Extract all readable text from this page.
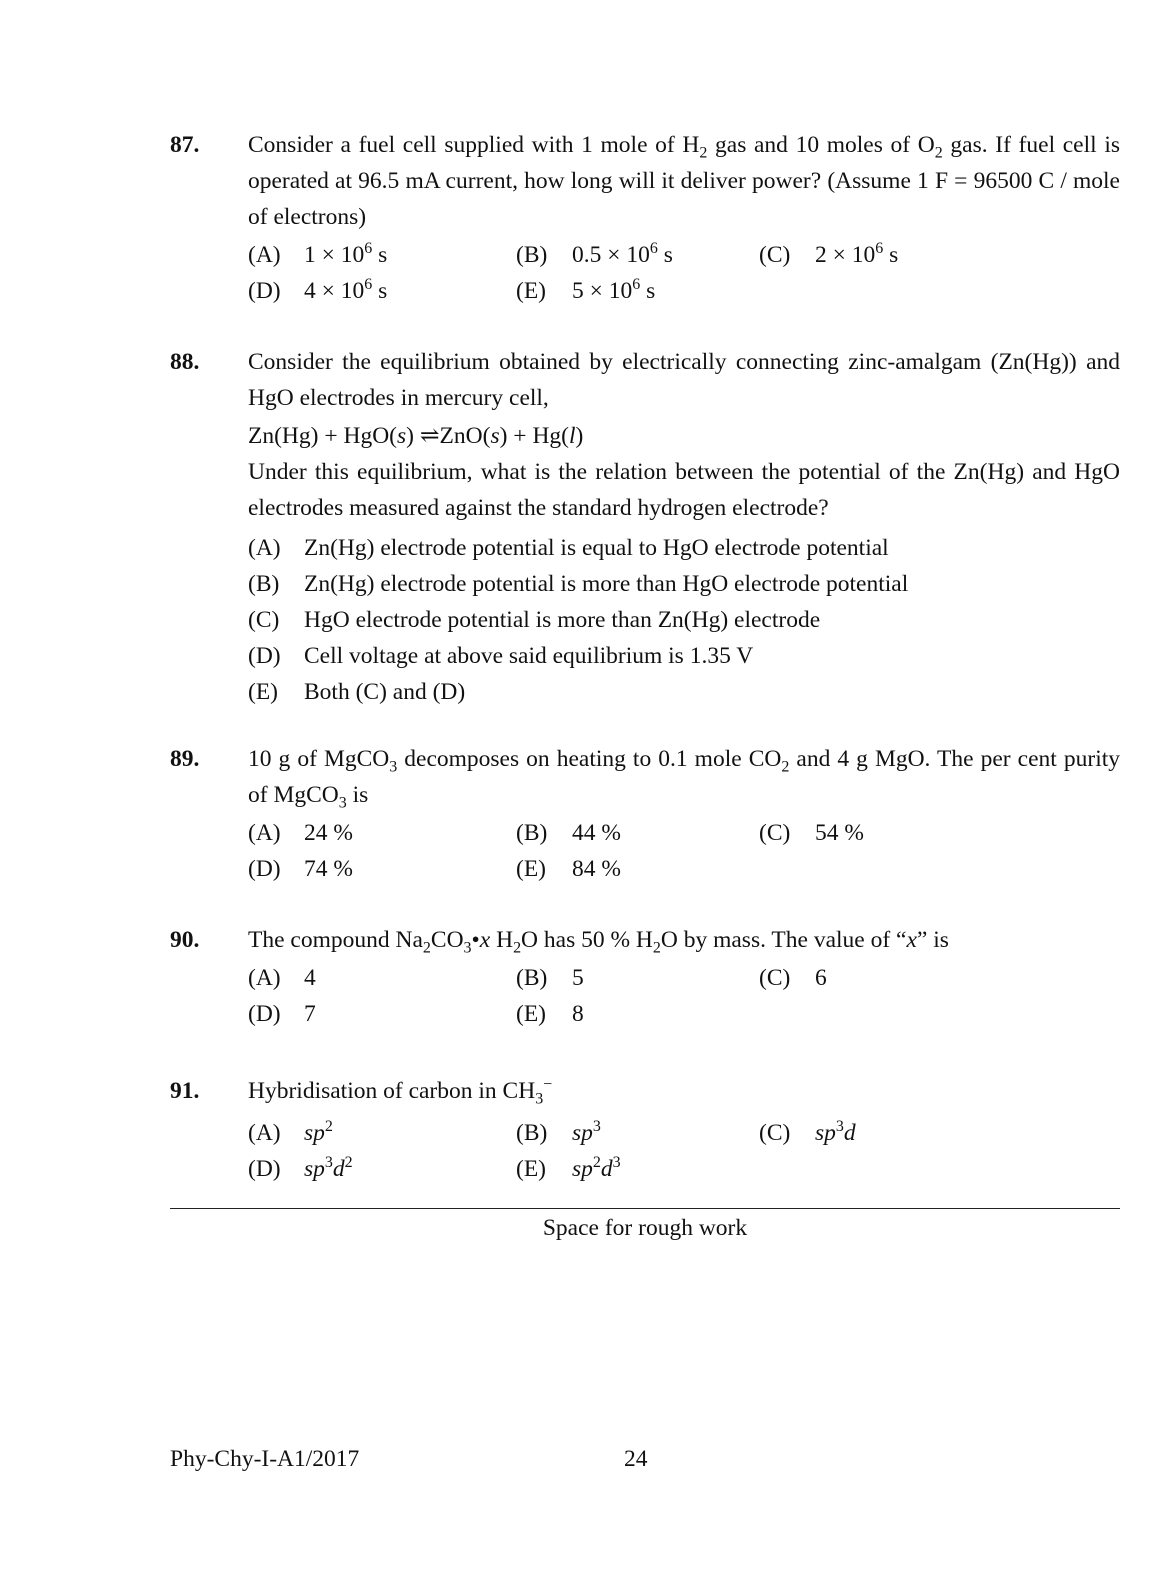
87.	Consider a fuel cell supplied with 1 mole of $H_2$ gas and 10 moles of $O_2$ gas. If fuel cell is operated at 96.5 mA current, how long will it deliver power? (Assume 1 F = 96500 C / mole of electrons)
(A) $1 \times 10^6$ s	(B) $0.5 \times 10^6$ s	(C) $2 \times 10^6$ s
(D) $4 \times 10^6$ s	(E) $5 \times 10^6$ s
88.	Consider the equilibrium obtained by electrically connecting zinc-amalgam (Zn(Hg)) and HgO electrodes in mercury cell,
Zn(Hg) + HgO(s) ⇌ZnO(s) + Hg(l)
Under this equilibrium, what is the relation between the potential of the Zn(Hg) and HgO electrodes measured against the standard hydrogen electrode?
(A) Zn(Hg) electrode potential is equal to HgO electrode potential
(B) Zn(Hg) electrode potential is more than HgO electrode potential
(C) HgO electrode potential is more than Zn(Hg) electrode
(D) Cell voltage at above said equilibrium is 1.35 V
(E) Both (C) and (D)
89.	10 g of MgCO$_3$ decomposes on heating to 0.1 mole $CO_2$ and 4 g MgO. The per cent purity of MgCO$_3$ is
(A) 24 %	(B) 44 %	(C) 54 %
(D) 74 %	(E) 84 %
90.	The compound $Na_2CO_3•x$ $H_2O$ has 50 % $H_2O$ by mass. The value of “x” is
(A) 4	(B) 5	(C) 6
(D) 7	(E) 8
91.	Hybridisation of carbon in $CH_3^-$
(A) $sp^2$	(B) $sp^3$	(C) $sp^3d$
(D) $sp^3d^2$	(E) $sp^2d^3$
Space for rough work
Phy-Chy-I-A1/2017	24
